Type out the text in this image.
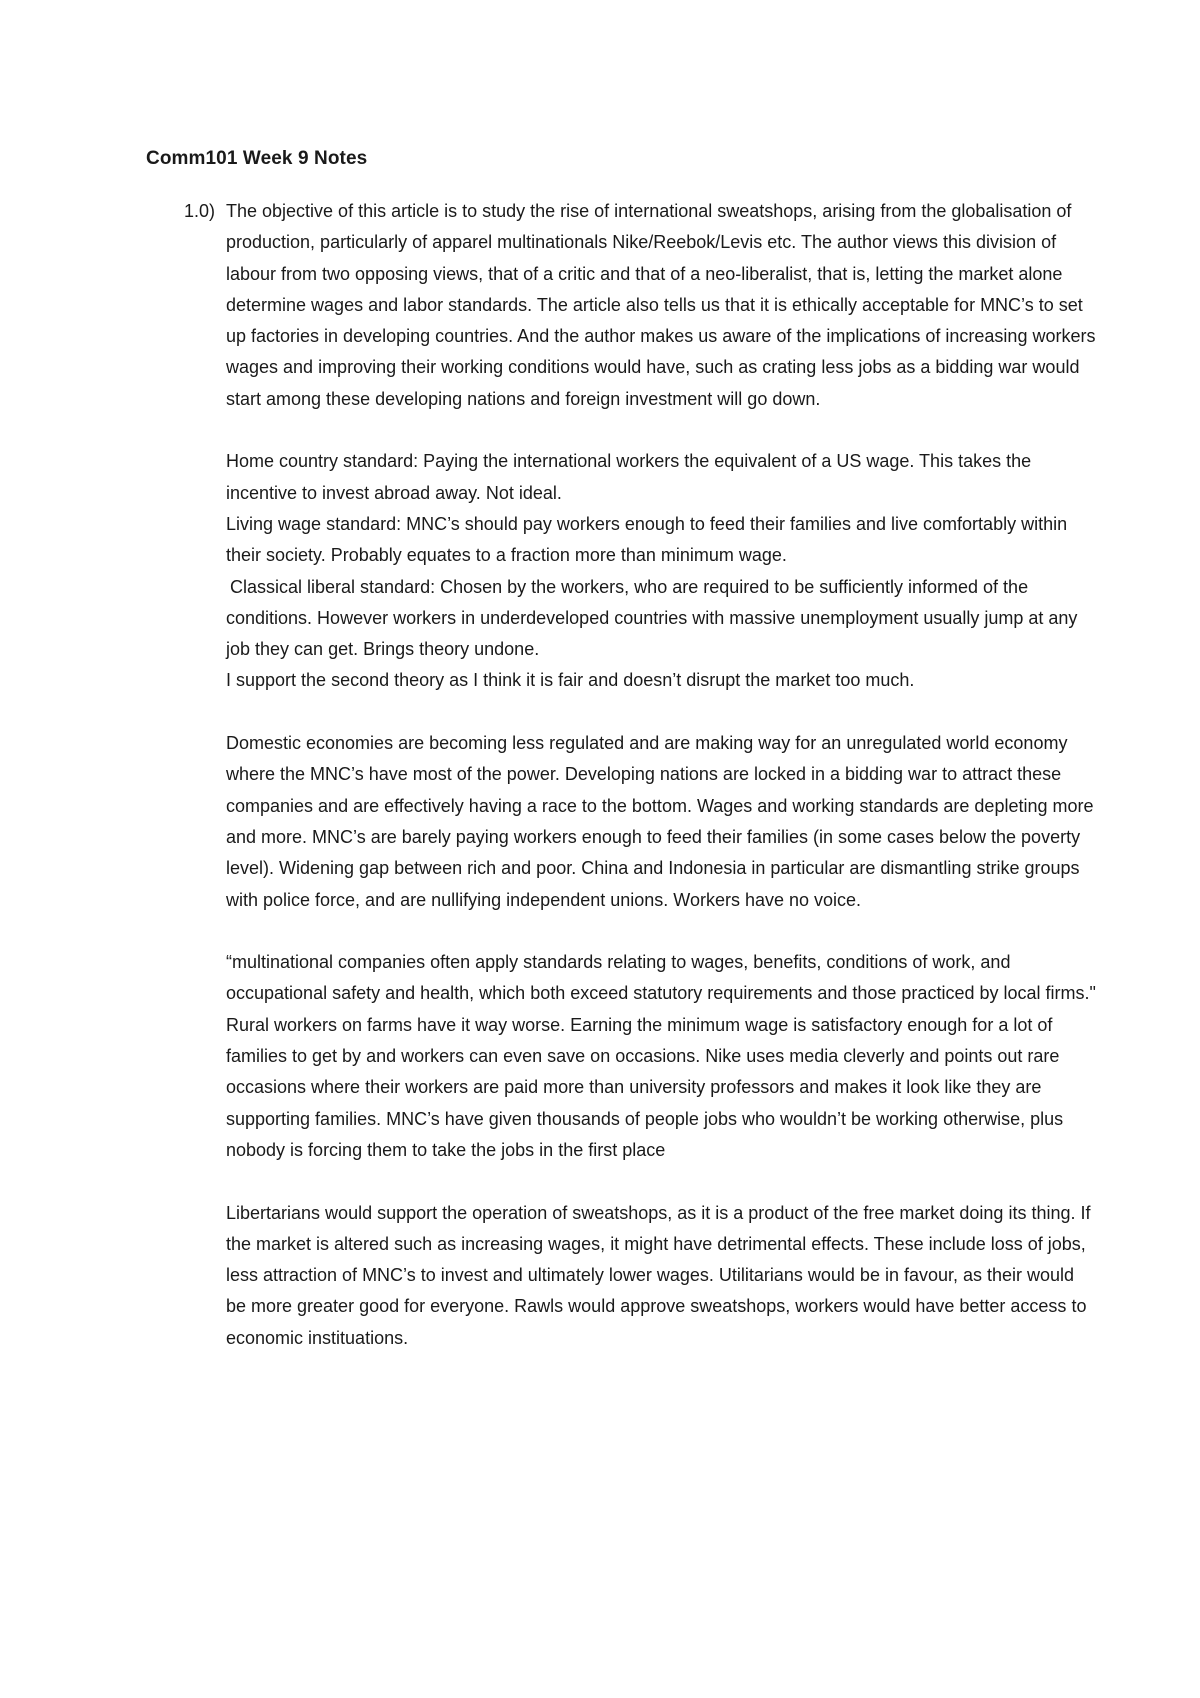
Comm101 Week 9 Notes
1.0) The objective of this article is to study the rise of international sweatshops, arising from the globalisation of production, particularly of apparel multinationals Nike/Reebok/Levis etc. The author views this division of labour from two opposing views, that of a critic and that of a neo-liberalist, that is, letting the market alone determine wages and labor standards. The article also tells us that it is ethically acceptable for MNC’s to set up factories in developing countries. And the author makes us aware of the implications of increasing workers wages and improving their working conditions would have, such as crating less jobs as a bidding war would start among these developing nations and foreign investment will go down.

Home country standard: Paying the international workers the equivalent of a US wage. This takes the incentive to invest abroad away. Not ideal.

Living wage standard: MNC’s should pay workers enough to feed their families and live comfortably within their society. Probably equates to a fraction more than minimum wage.

Classical liberal standard: Chosen by the workers, who are required to be sufficiently informed of the conditions. However workers in underdeveloped countries with massive unemployment usually jump at any job they can get. Brings theory undone.

I support the second theory as I think it is fair and doesn’t disrupt the market too much.

Domestic economies are becoming less regulated and are making way for an unregulated world economy where the MNC’s have most of the power. Developing nations are locked in a bidding war to attract these companies and are effectively having a race to the bottom. Wages and working standards are depleting more and more. MNC’s are barely paying workers enough to feed their families (in some cases below the poverty level). Widening gap between rich and poor. China and Indonesia in particular are dismantling strike groups with police force, and are nullifying independent unions. Workers have no voice.

“multinational companies often apply standards relating to wages, benefits, conditions of work, and occupational safety and health, which both exceed statutory requirements and those practiced by local firms." Rural workers on farms have it way worse. Earning the minimum wage is satisfactory enough for a lot of families to get by and workers can even save on occasions. Nike uses media cleverly and points out rare occasions where their workers are paid more than university professors and makes it look like they are supporting families. MNC’s have given thousands of people jobs who wouldn’t be working otherwise, plus nobody is forcing them to take the jobs in the first place

Libertarians would support the operation of sweatshops, as it is a product of the free market doing its thing. If the market is altered such as increasing wages, it might have detrimental effects. These include loss of jobs, less attraction of MNC’s to invest and ultimately lower wages. Utilitarians would be in favour, as their would be more greater good for everyone. Rawls would approve sweatshops, workers would have better access to economic instituations.
